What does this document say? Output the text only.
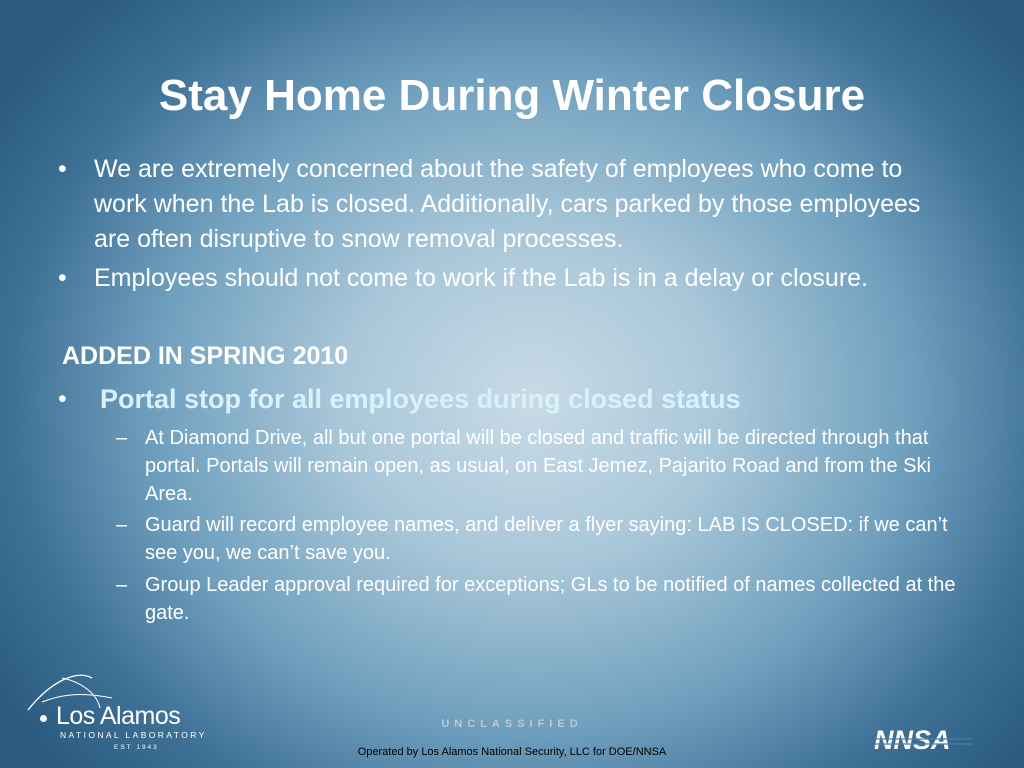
Stay Home During Winter Closure
•	We are extremely concerned about the safety of employees who come to work when the Lab is closed. Additionally, cars parked by those employees are often disruptive to snow removal processes.
•	Employees should not come to work if the Lab is in a delay or closure.
ADDED IN SPRING 2010
•	Portal stop for all employees during closed status
– At Diamond Drive, all but one portal will be closed and traffic will be directed through that portal. Portals will remain open, as usual, on East Jemez, Pajarito Road and from the Ski Area.
– Guard will record employee names, and deliver a flyer saying: LAB IS CLOSED: if we can’t see you, we can’t save you.
– Group Leader approval required for exceptions; GLs to be notified of names collected at the gate.
Los Alamos
NATIONAL LABORATORY
EST 1943
UNCLASSIFIED
Operated by Los Alamos National Security, LLC for DOE/NNSA	NNSA
